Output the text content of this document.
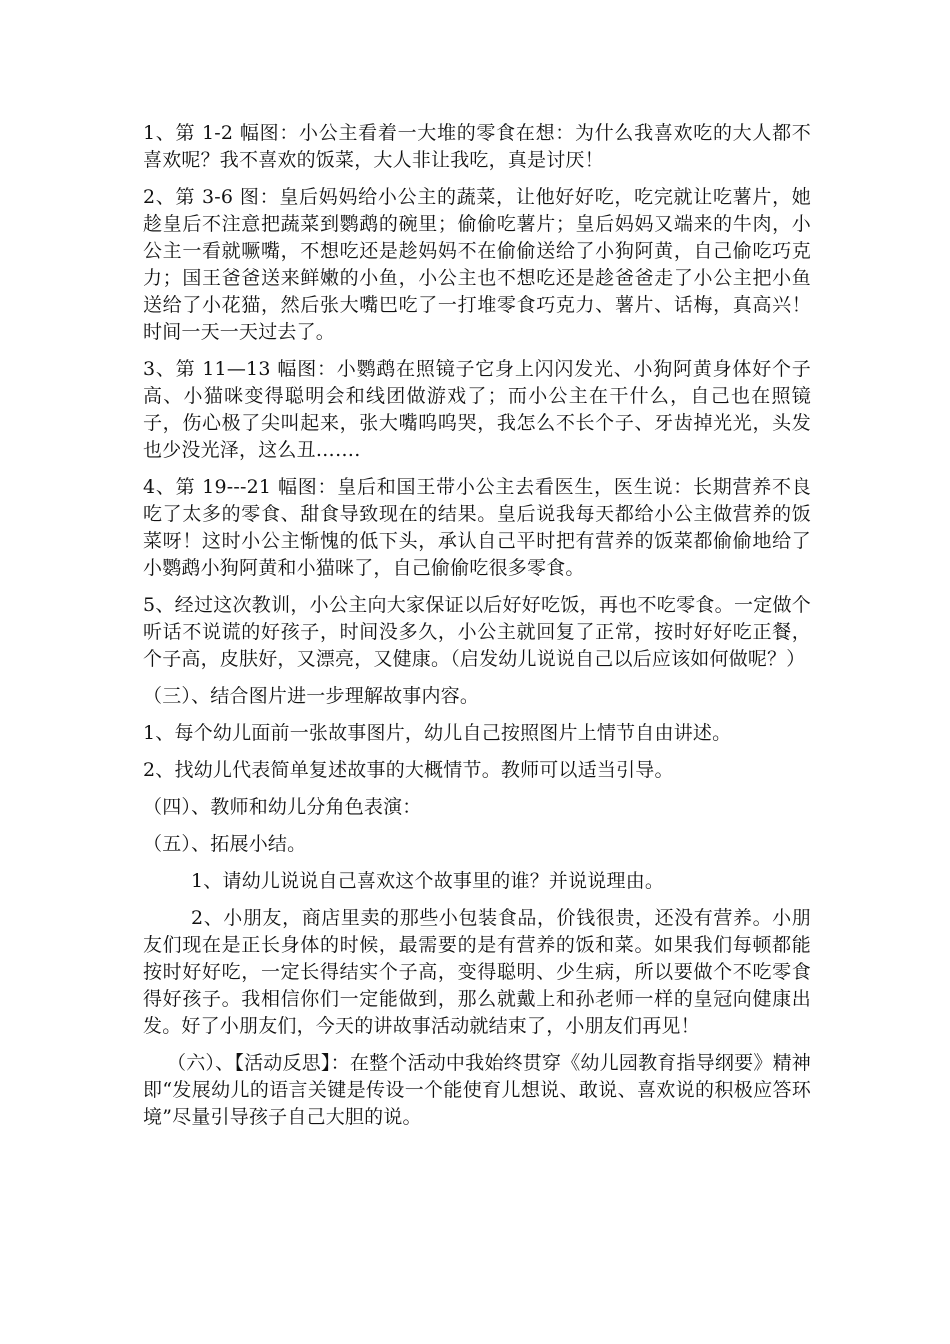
1、第 1-2 幅图：小公主看着一大堆的零食在想：为什么我喜欢吃的大人都不喜欢呢？我不喜欢的饭菜，大人非让我吃，真是讨厌！

2、第 3-6 图：皇后妈妈给小公主的蔬菜，让他好好吃，吃完就让吃薯片，她趁皇后不注意把蔬菜到鹦鹉的碗里；偷偷吃薯片；皇后妈妈又端来的牛肉，小公主一看就噘嘴，不想吃还是趁妈妈不在偷偷送给了小狗阿黄，自己偷吃巧克力；国王爸爸送来鲜嫩的小鱼，小公主也不想吃还是趁爸爸走了小公主把小鱼送给了小花猫，然后张大嘴巴吃了一打堆零食巧克力、薯片、话梅，真高兴！时间一天一天过去了。

3、第 11—13 幅图：小鹦鹉在照镜子它身上闪闪发光、小狗阿黄身体好个子高、小猫咪变得聪明会和线团做游戏了；而小公主在干什么，自己也在照镜子，伤心极了尖叫起来，张大嘴呜呜哭，我怎么不长个子、牙齿掉光光，头发也少没光泽，这么丑…….

4、第 19---21 幅图：皇后和国王带小公主去看医生，医生说：长期营养不良吃了太多的零食、甜食导致现在的结果。皇后说我每天都给小公主做营养的饭菜呀！这时小公主惭愧的低下头，承认自己平时把有营养的饭菜都偷偷地给了小鹦鹉小狗阿黄和小猫咪了，自己偷偷吃很多零食。

5、经过这次教训，小公主向大家保证以后好好吃饭，再也不吃零食。一定做个听话不说谎的好孩子，时间没多久，小公主就回复了正常，按时好好吃正餐，个子高，皮肤好，又漂亮，又健康。（启发幼儿说说自己以后应该如何做呢？）

（三）、结合图片进一步理解故事内容。

1、每个幼儿面前一张故事图片，幼儿自己按照图片上情节自由讲述。

2、找幼儿代表简单复述故事的大概情节。教师可以适当引导。

（四）、教师和幼儿分角色表演：

（五）、拓展小结。

1、请幼儿说说自己喜欢这个故事里的谁？并说说理由。

2、小朋友，商店里卖的那些小包装食品，价钱很贵，还没有营养。小朋友们现在是正长身体的时候，最需要的是有营养的饭和菜。如果我们每顿都能按时好好吃，一定长得结实个子高，变得聪明、少生病，所以要做个不吃零食得好孩子。我相信你们一定能做到，那么就戴上和孙老师一样的皇冠向健康出发。好了小朋友们，今天的讲故事活动就结束了，小朋友们再见！

（六）、【活动反思】：在整个活动中我始终贯穿《幼儿园教育指导纲要》精神即“发展幼儿的语言关键是传设一个能使育儿想说、敢说、喜欢说的积极应答环境”尽量引导孩子自己大胆的说。
